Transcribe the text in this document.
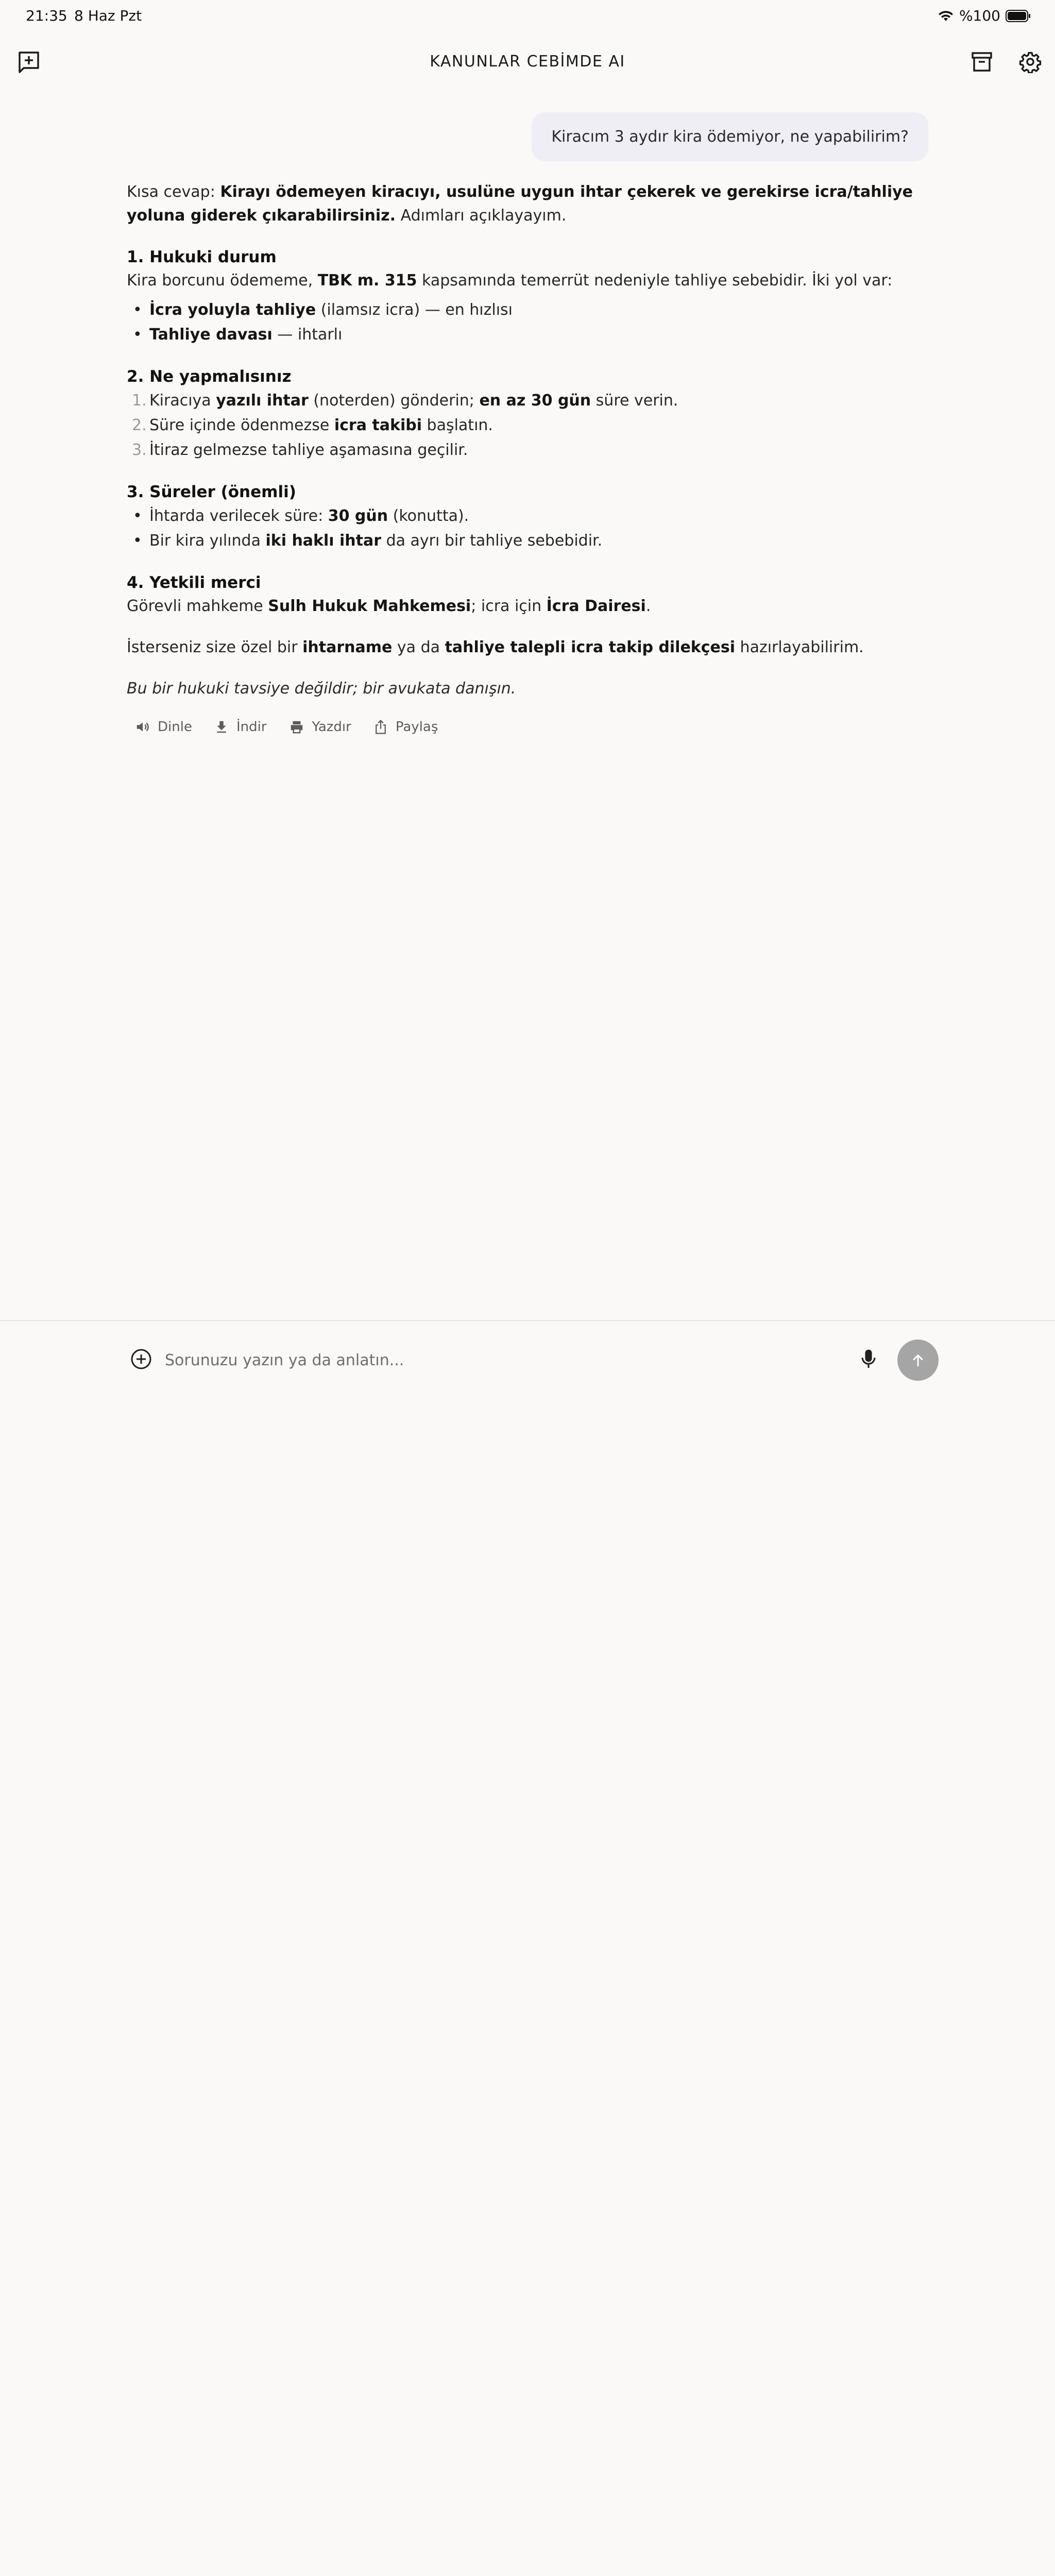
21:35 8 Haz Pzt	%100
KANUNLAR CEBİMDE AI
Kiracım 3 aydır kira ödemiyor, ne yapabilirim?

Kısa cevap: Kirayı ödemeyen kiracıyı, usulüne uygun ihtar çekerek ve gerekirse icra/tahliye yoluna giderek çıkarabilirsiniz. Adımları açıklayayım.

1. Hukuki durum

Kira borcunu ödememe, TBK m. 315 kapsamında temerrüt nedeniyle tahliye sebebidir. İki yol var:

• İcra yoluyla tahliye (ilamsız icra) — en hızlısı
• Tahliye davası — ihtarlı
2. Ne yapmalısınız
1. Kiracıya yazılı ihtar (noterden) gönderin; en az 30 gün süre verin.
2. Süre içinde ödenmezse icra takibi başlatın.
3. İtiraz gelmezse tahliye aşamasına geçilir.
3. Süreler (önemli)
• İhtarda verilecek süre: 30 gün (konutta).
• Bir kira yılında iki haklı ihtar da ayrı bir tahliye sebebidir.
4. Yetkili merci

Görevli mahkeme Sulh Hukuk Mahkemesi; icra için İcra Dairesi.

İsterseniz size özel bir ihtarname ya da tahliye talepli icra takip dilekçesi hazırlayabilirim.

Bu bir hukuki tavsiye değildir; bir avukata danışın.

Dinle	İndir	Yazdır	Paylaş
Sorunuzu yazın ya da anlatın...
